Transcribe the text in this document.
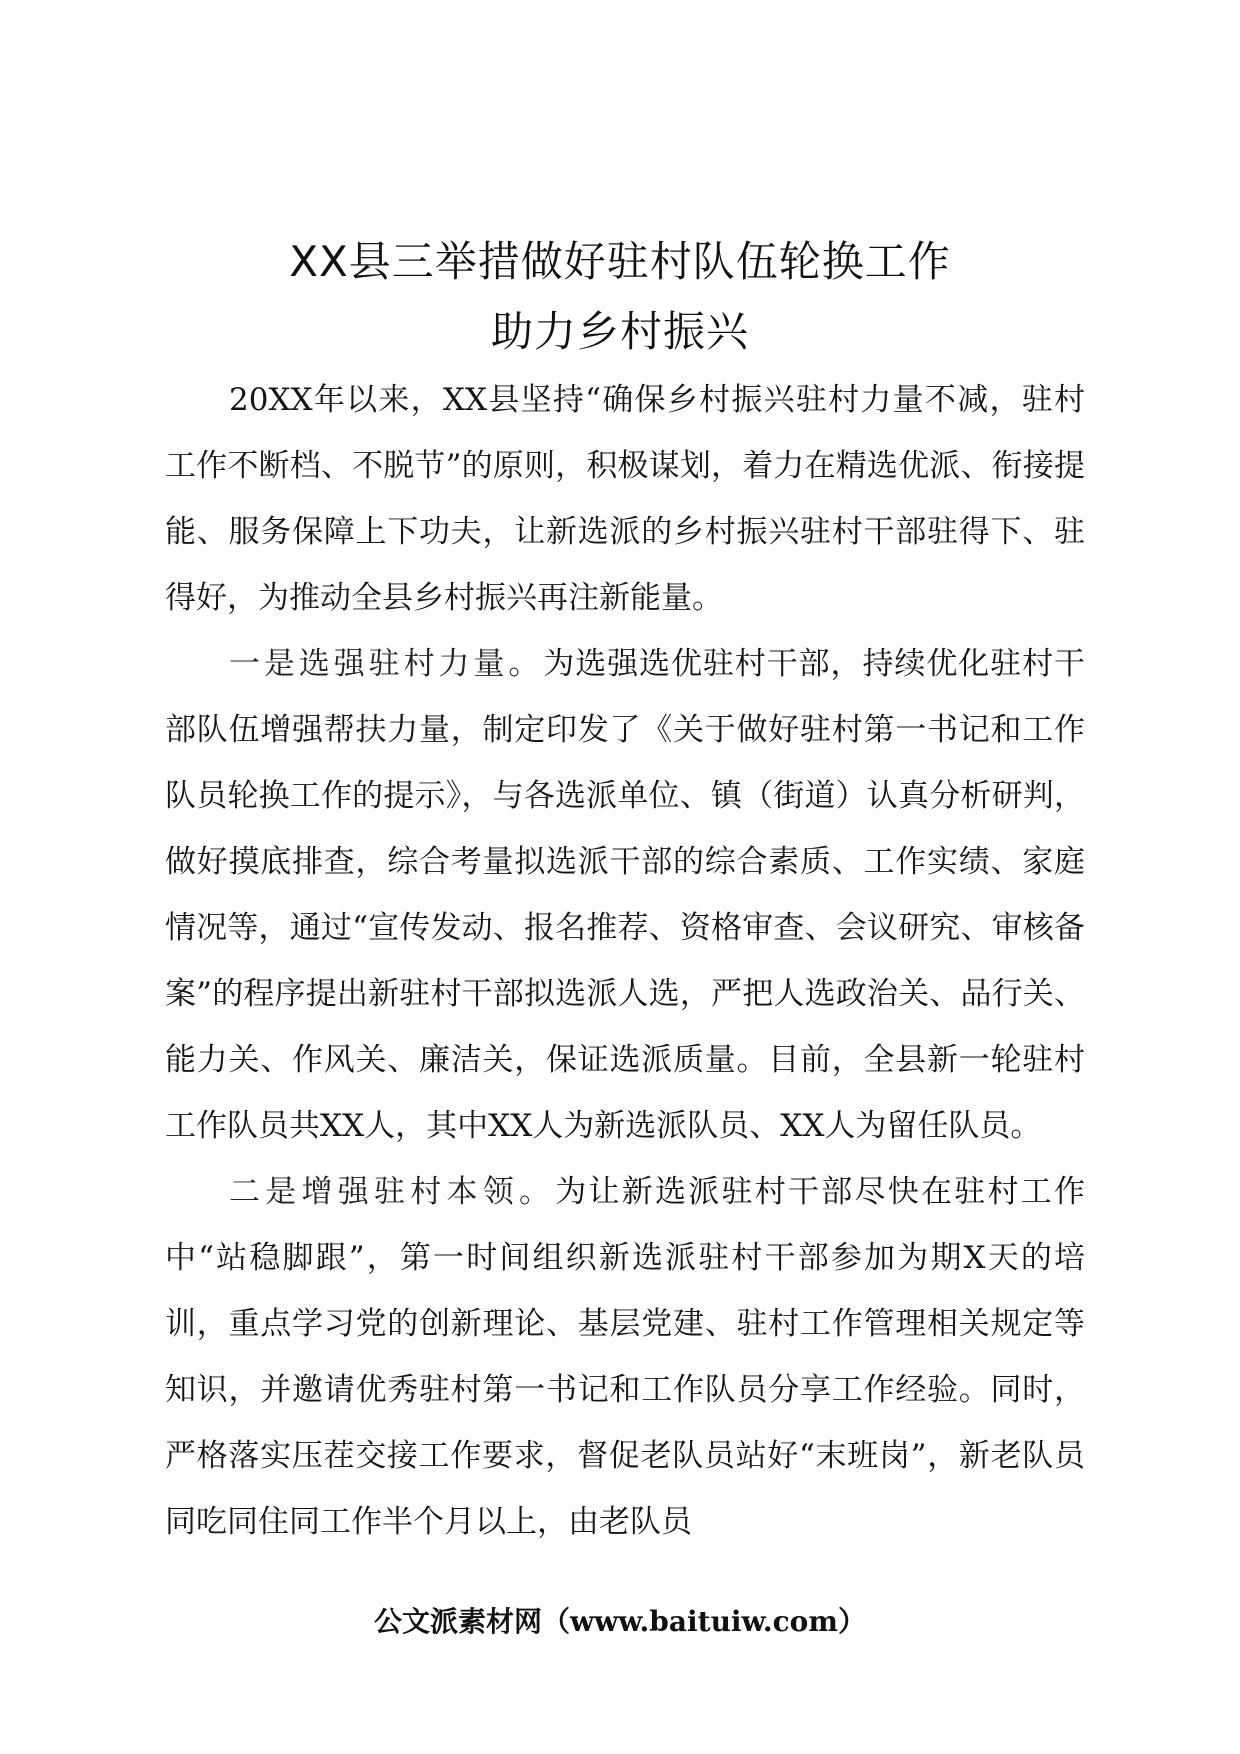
XX县三举措做好驻村队伍轮换工作
助力乡村振兴

20XX年以来，XX县坚持“确保乡村振兴驻村力量不减，驻村工作不断档、不脱节”的原则，积极谋划，着力在精选优派、衔接提能、服务保障上下功夫，让新选派的乡村振兴驻村干部驻得下、驻得好，为推动全县乡村振兴再注新能量。

一是选强驻村力量。为选强选优驻村干部，持续优化驻村干部队伍增强帮扶力量，制定印发了《关于做好驻村第一书记和工作队员轮换工作的提示》，与各选派单位、镇（街道）认真分析研判，做好摸底排查，综合考量拟选派干部的综合素质、工作实绩、家庭情况等，通过“宣传发动、报名推荐、资格审查、会议研究、审核备案”的程序提出新驻村干部拟选派人选，严把人选政治关、品行关、能力关、作风关、廉洁关，保证选派质量。目前，全县新一轮驻村工作队员共XX人，其中XX人为新选派队员、XX人为留任队员。

二是增强驻村本领。为让新选派驻村干部尽快在驻村工作中“站稳脚跟”，第一时间组织新选派驻村干部参加为期X天的培训，重点学习党的创新理论、基层党建、驻村工作管理相关规定等知识，并邀请优秀驻村第一书记和工作队员分享工作经验。同时，严格落实压茬交接工作要求，督促老队员站好“末班岗”，新老队员同吃同住同工作半个月以上，由老队员

公文派素材网（www.baituiw.com）
